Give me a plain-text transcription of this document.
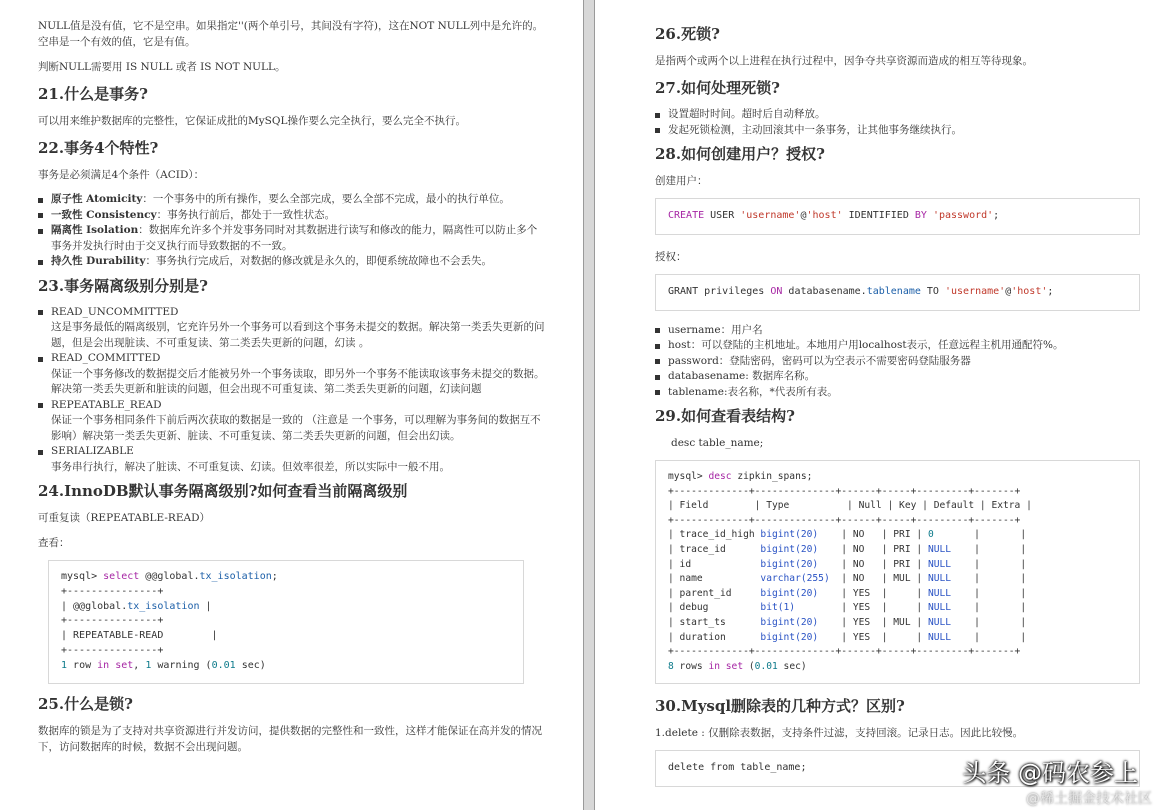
NULL值是没有值，它不是空串。如果指定''(两个单引号，其间没有字符)，这在NOT NULL列中是允许的。空串是一个有效的值，它是有值。

判断NULL需要用 IS NULL 或者 IS NOT NULL。

21.什么是事务?

可以用来维护数据库的完整性，它保证成批的MySQL操作要么完全执行，要么完全不执行。

22.事务4个特性?

事务是必须满足4个条件（ACID）：

原子性 Atomicity：一个事务中的所有操作，要么全部完成，要么全部不完成，最小的执行单位。
一致性 Consistency：事务执行前后，都处于一致性状态。
隔离性 Isolation：数据库允许多个并发事务同时对其数据进行读写和修改的能力，隔离性可以防止多个事务并发执行时由于交叉执行而导致数据的不一致。
持久性 Durability：事务执行完成后，对数据的修改就是永久的，即便系统故障也不会丢失。
23.事务隔离级别分别是?
READ_UNCOMMITTED
这是事务最低的隔离级别，它充许另外一个事务可以看到这个事务未提交的数据。解决第一类丢失更新的问题，但是会出现脏读、不可重复读、第二类丢失更新的问题，幻读 。
READ_COMMITTED
保证一个事务修改的数据提交后才能被另外一个事务读取，即另外一个事务不能读取该事务未提交的数据。解决第一类丢失更新和脏读的问题，但会出现不可重复读、第二类丢失更新的问题，幻读问题
REPEATABLE_READ
保证一个事务相同条件下前后两次获取的数据是一致的 （注意是 一个事务，可以理解为事务间的数据互不影响）解决第一类丢失更新、脏读、不可重复读、第二类丢失更新的问题，但会出幻读。
SERIALIZABLE
事务串行执行，解决了脏读、不可重复读、幻读。但效率很差，所以实际中一般不用。
24.InnoDB默认事务隔离级别?如何查看当前隔离级别

可重复读（REPEATABLE-READ）

查看：

mysql> select @@global.tx_isolation;
+---------------+
| @@global.tx_isolation |
+---------------+
| REPEATABLE-READ        |
+---------------+
1 row in set, 1 warning (0.01 sec)
25.什么是锁?

数据库的锁是为了支持对共享资源进行并发访问，提供数据的完整性和一致性，这样才能保证在高并发的情况下，访问数据库的时候，数据不会出现问题。

26.死锁?

是指两个或两个以上进程在执行过程中，因争夺共享资源而造成的相互等待现象。

27.如何处理死锁?
设置超时时间。超时后自动释放。
发起死锁检测，主动回滚其中一条事务，让其他事务继续执行。
28.如何创建用户？授权?

创建用户：

CREATE USER 'username'@'host' IDENTIFIED BY 'password';

授权：

GRANT privileges ON databasename.tablename TO 'username'@'host';
username：用户名
host：可以登陆的主机地址。本地用户用localhost表示，任意远程主机用通配符%。
password：登陆密码，密码可以为空表示不需要密码登陆服务器
databasename: 数据库名称。
tablename:表名称，*代表所有表。
29.如何查看表结构?

desc table_name;

mysql> desc zipkin_spans;
+-------------+--------------+------+-----+---------+-------+
| Field        | Type          | Null | Key | Default | Extra |
+-------------+--------------+------+-----+---------+-------+
| trace_id_high bigint(20)    | NO   | PRI | 0       |       |
| trace_id      bigint(20)    | NO   | PRI | NULL    |       |
| id            bigint(20)    | NO   | PRI | NULL    |       |
| name          varchar(255)  | NO   | MUL | NULL    |       |
| parent_id     bigint(20)    | YES  |     | NULL    |       |
| debug         bit(1)        | YES  |     | NULL    |       |
| start_ts      bigint(20)    | YES  | MUL | NULL    |       |
| duration      bigint(20)    | YES  |     | NULL    |       |
+-------------+--------------+------+-----+---------+-------+
8 rows in set (0.01 sec)
30.Mysql删除表的几种方式？区别?

1.delete : 仅删除表数据，支持条件过滤，支持回滚。记录日志。因此比较慢。

delete from table_name;	头条 @码农参上
@稀土掘金技术社区
